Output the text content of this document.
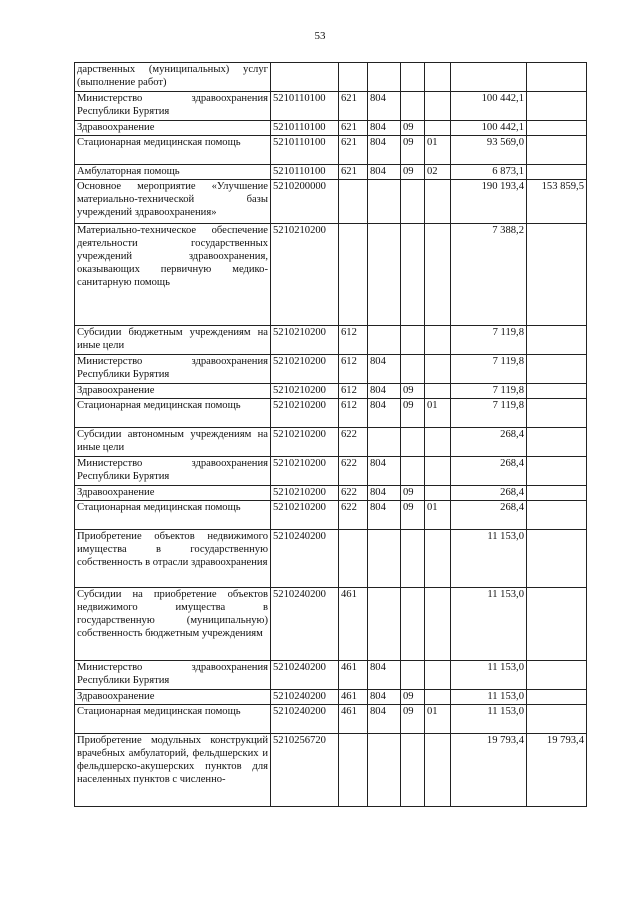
53
дарственных (муниципальных) услуг (выполнение работ)							
Министерство здравоохранения Республики Бурятия	5210110100	621	804			100 442,1	
Здравоохранение	5210110100	621	804	09		100 442,1	
Стационарная медицинская помощь	5210110100	621	804	09	01	93 569,0	
Амбулаторная помощь	5210110100	621	804	09	02	6 873,1	
Основное мероприятие «Улучшение материально-технической базы учреждений здравоохранения»	5210200000					190 193,4	153 859,5
Материально-техническое обеспечение деятельности государственных учреждений здравоохранения, оказывающих первичную медико-санитарную помощь	5210210200					7 388,2	
Субсидии бюджетным учреждениям на иные цели	5210210200	612				7 119,8	
Министерство здравоохранения Республики Бурятия	5210210200	612	804			7 119,8	
Здравоохранение	5210210200	612	804	09		7 119,8	
Стационарная медицинская помощь	5210210200	612	804	09	01	7 119,8	
Субсидии автономным учреждениям на иные цели	5210210200	622				268,4	
Министерство здравоохранения Республики Бурятия	5210210200	622	804			268,4	
Здравоохранение	5210210200	622	804	09		268,4	
Стационарная медицинская помощь	5210210200	622	804	09	01	268,4	
Приобретение объектов недвижимого имущества в государственную собственность в отрасли здравоохранения	5210240200					11 153,0	
Субсидии на приобретение объектов недвижимого имущества в государственную (муниципальную) собственность бюджетным учреждениям	5210240200	461				11 153,0	
Министерство здравоохранения Республики Бурятия	5210240200	461	804			11 153,0	
Здравоохранение	5210240200	461	804	09		11 153,0	
Стационарная медицинская помощь	5210240200	461	804	09	01	11 153,0	
Приобретение модульных конструкций врачебных амбулаторий, фельдшерских и фельдшерско-акушерских пунктов для населенных пунктов с численно-	5210256720					19 793,4	19 793,4
